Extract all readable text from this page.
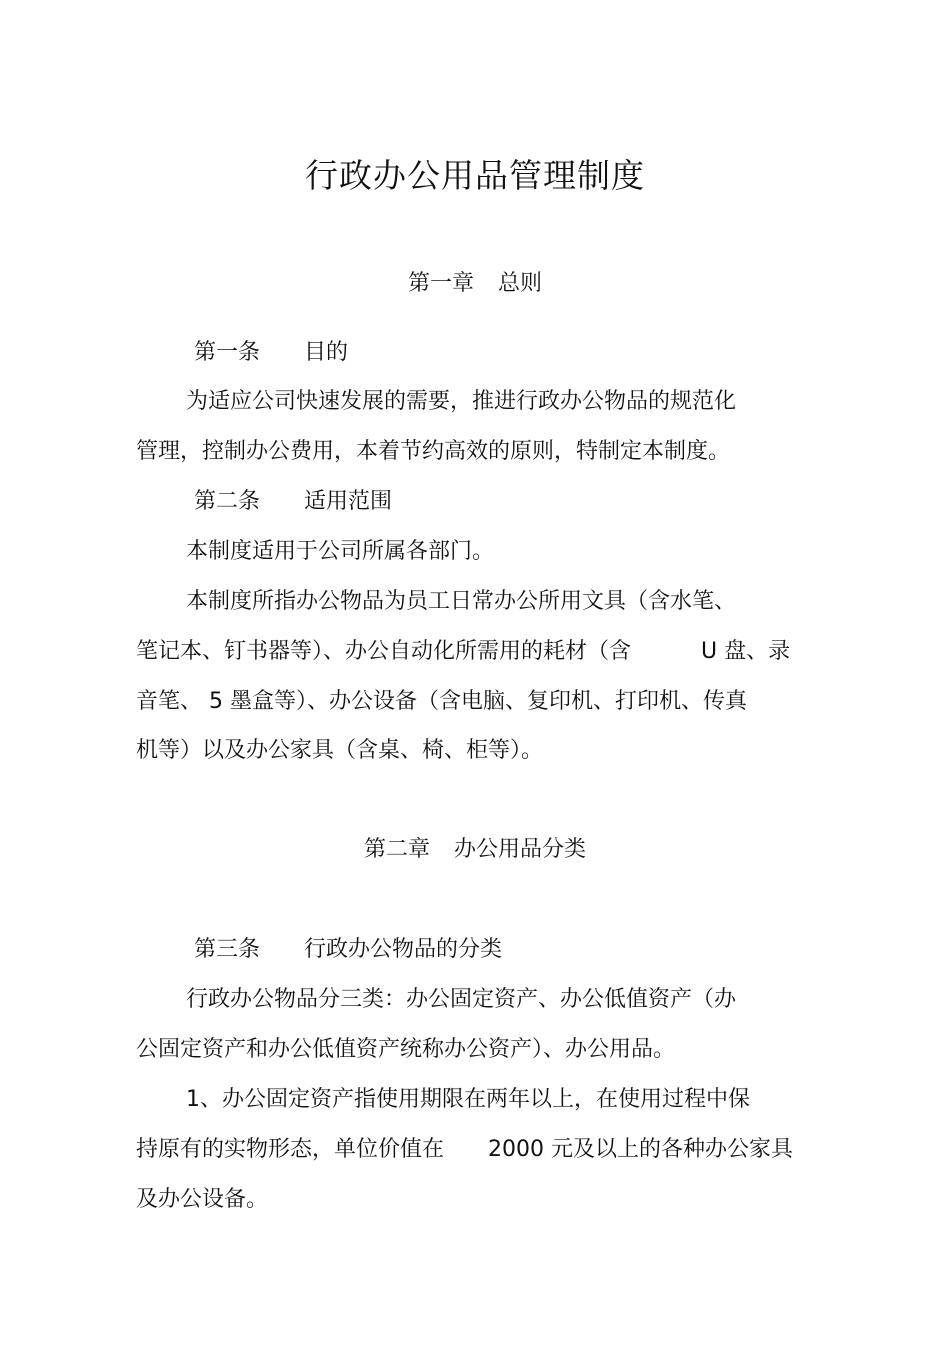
行政办公用品管理制度
第一章 总则
第一条 目的
为适应公司快速发展的需要，推进行政办公物品的规范化
管理，控制办公费用，本着节约高效的原则，特制定本制度。
第二条 适用范围
本制度适用于公司所属各部门。
本制度所指办公物品为员工日常办公所用文具（含水笔、
笔记本、钉书器等）、办公自动化所需用的耗材（含	U 盘、录
音笔、 5 墨盒等）、办公设备（含电脑、复印机、打印机、传真
机等）以及办公家具（含桌、椅、柜等）。
第二章 办公用品分类
第三条 行政办公物品的分类
行政办公物品分三类：办公固定资产、办公低值资产（办
公固定资产和办公低值资产统称办公资产）、办公用品。
1、办公固定资产指使用期限在两年以上，在使用过程中保
持原有的实物形态，单位价值在 2000 元及以上的各种办公家具
及办公设备。
